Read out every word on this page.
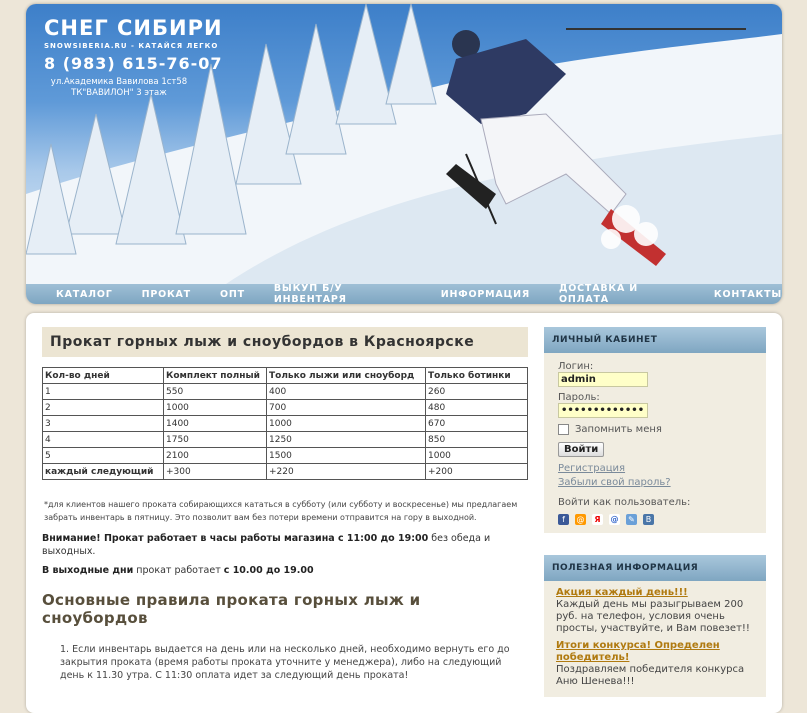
СНЕГ СИБИРИ
SNOWSIBERIA.RU - КАТАЙСЯ ЛЕГКО
8 (983) 615-76-07
ул.Академика Вавилова 1ст58
ТК"ВАВИЛОН" 3 этаж
КАТАЛОГ	ПРОКАТ	ОПТ	ВЫКУП Б/У ИНВЕНТАРЯ	ИНФОРМАЦИЯ	ДОСТАВКА И ОПЛАТА	КОНТАКТЫ
Прокат горных лыж и сноубордов в Красноярске
Кол-во дней	Комплект полный	Только лыжи или сноуборд	Только ботинки
1	550	400	260
2	1000	700	480
3	1400	1000	670
4	1750	1250	850
5	2100	1500	1000
каждый следующий	+300	+220	+200
*для клиентов нашего проката собирающихся кататься в субботу (или субботу и воскресенье) мы предлагаем забрать инвентарь в пятницу. Это позволит вам без потери времени отправится на гору в выходной.
Внимание! Прокат работает в часы работы магазина с 11:00 до 19:00 без обеда и выходных.
В выходные дни прокат работает с 10.00 до 19.00
Основные правила проката горных лыж и сноубордов
1. Если инвентарь выдается на день или на несколько дней, необходимо вернуть его до закрытия проката (время работы проката уточните у менеджера), либо на следующий день к 11.30 утра. С 11:30 оплата идет за следующий день проката!
ЛИЧНЫЙ КАБИНЕТ
Логин:
admin
Пароль:
•••••••••••••
Запомнить меня
Войти
Регистрация
Забыли свой пароль?
Войти как пользователь:
f	@	Я	@ ✎	B
ПОЛЕЗНАЯ ИНФОРМАЦИЯ
Акция каждый день!!!
Каждый день мы разыгрываем 200 руб. на телефон, условия очень просты, участвуйте, и Вам повезет!!
Итоги конкурса! Определен победитель!
Поздравляем победителя конкурса Аню Шенева!!!
